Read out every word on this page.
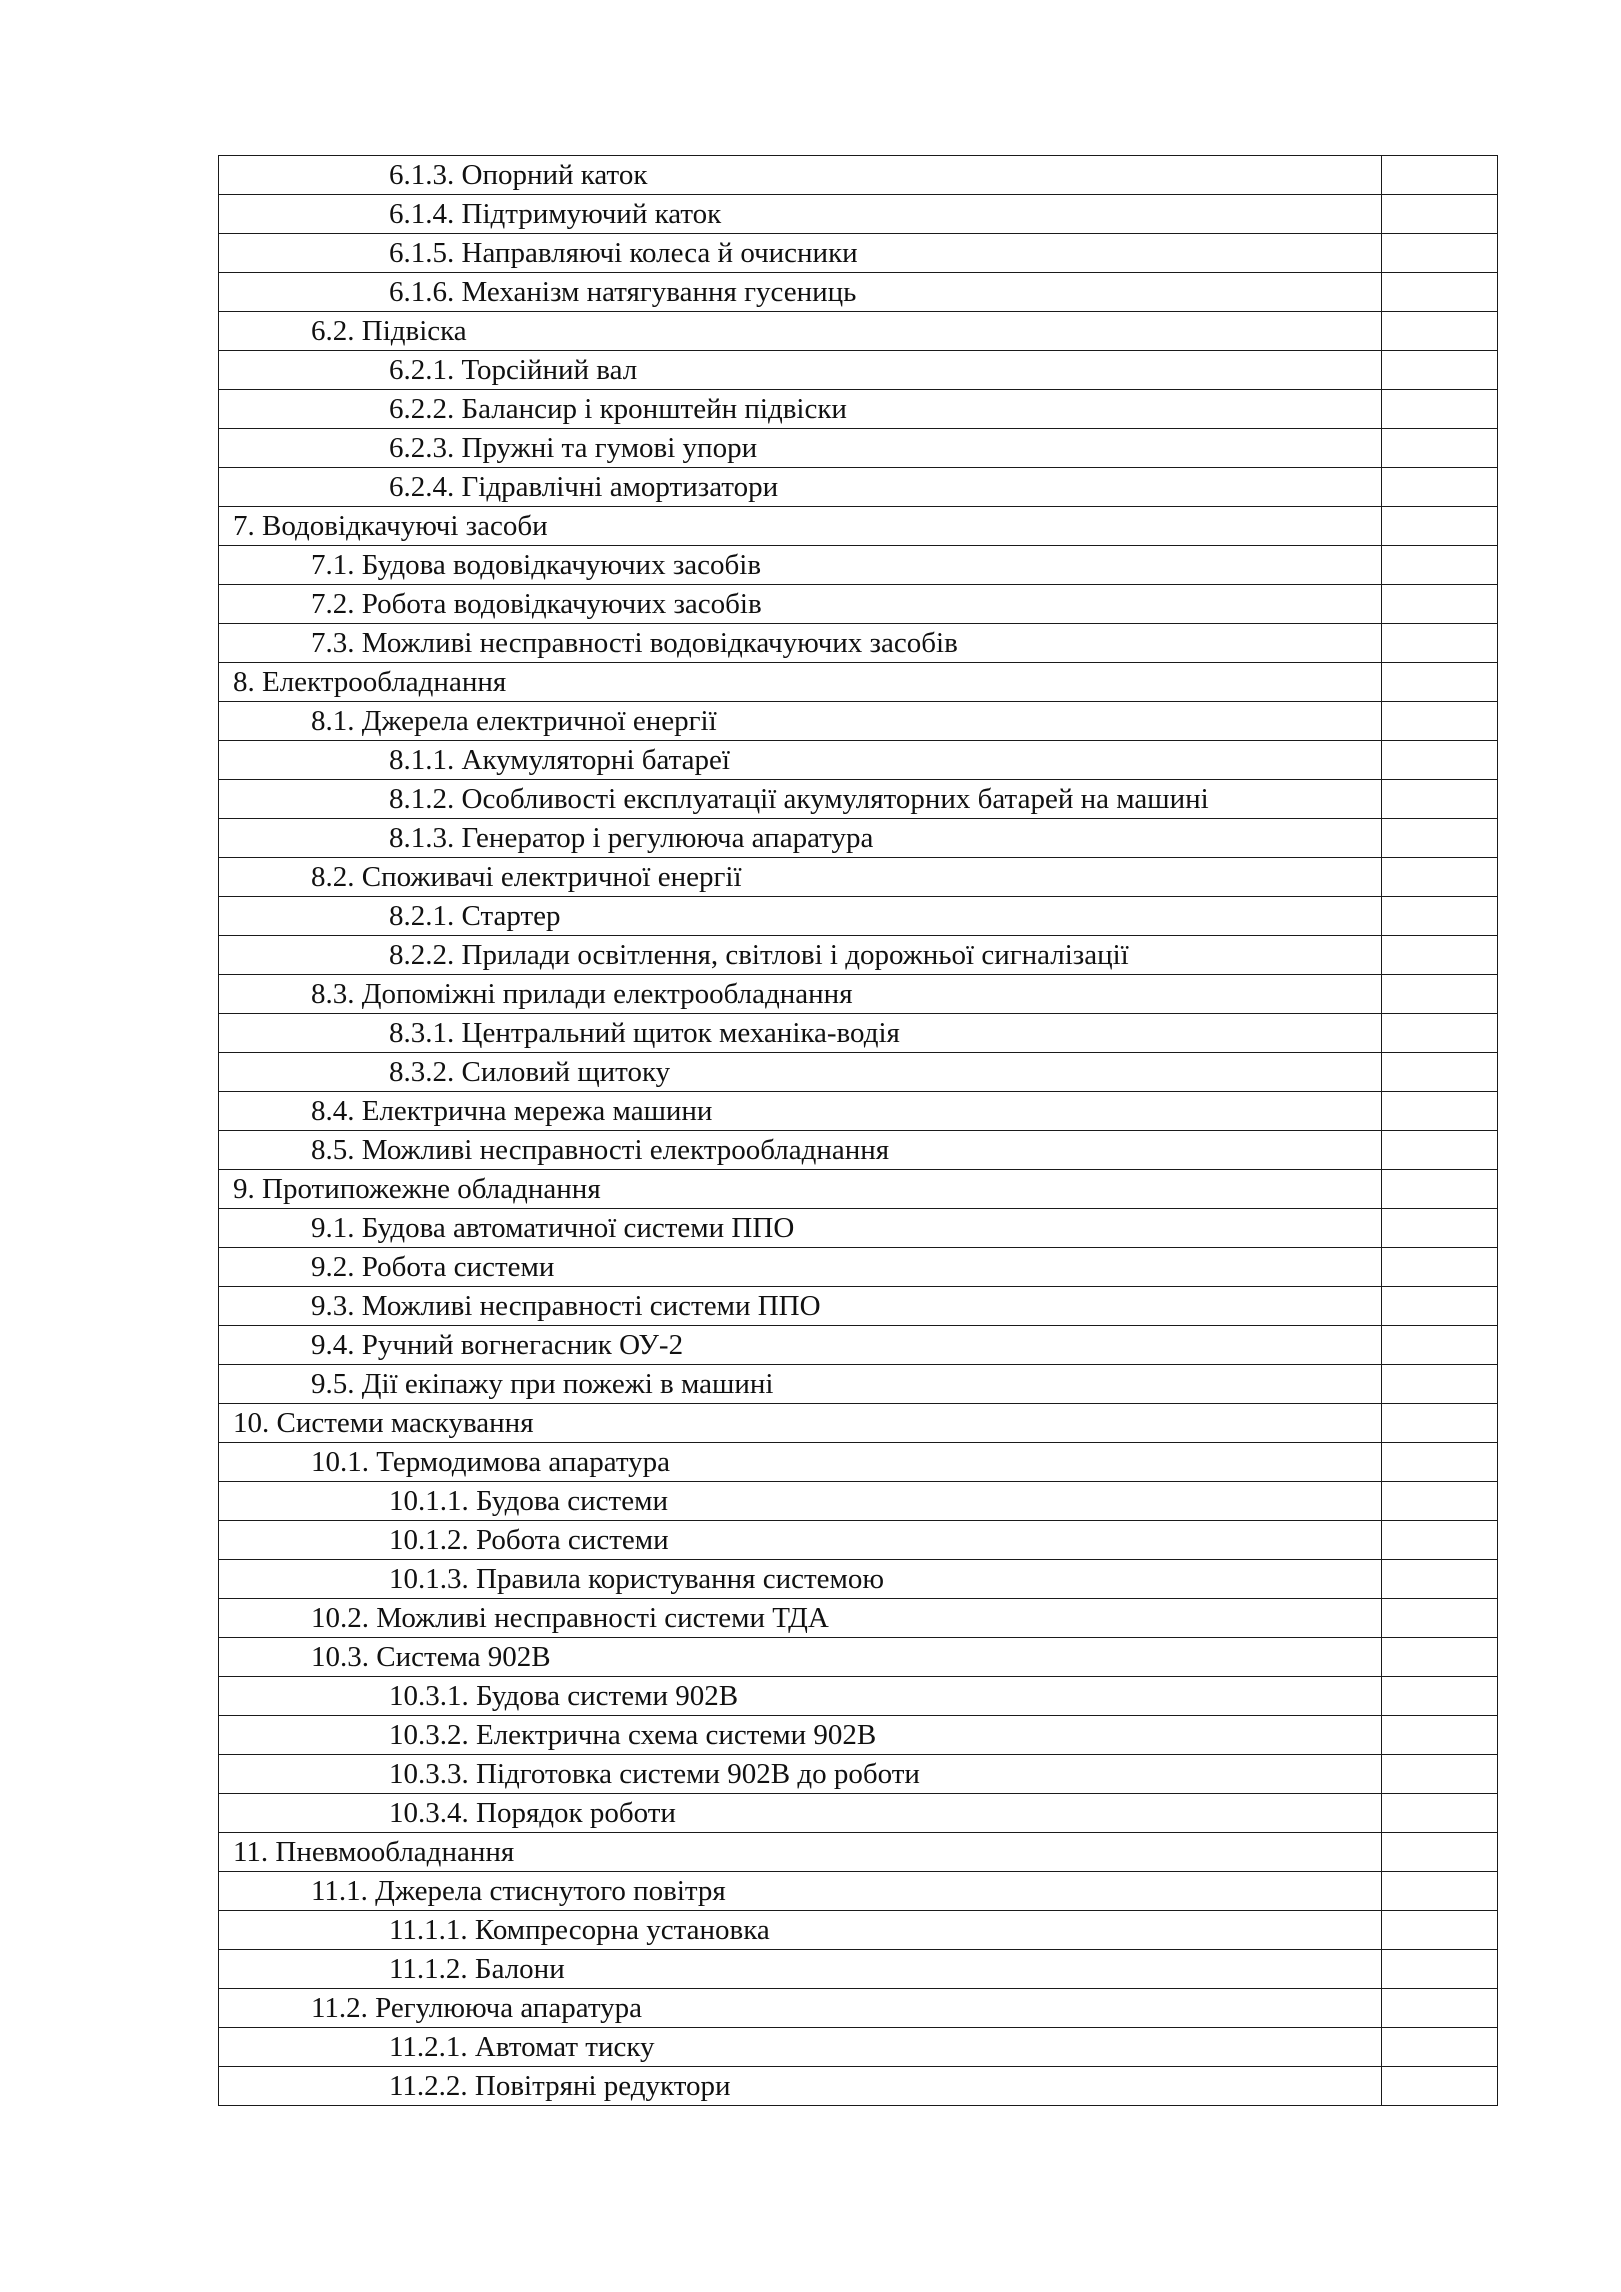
6.1.3. Опорний каток	
6.1.4. Підтримуючий каток	
6.1.5. Направляючі колеса й очисники	
6.1.6. Механізм натягування гусениць	
6.2. Підвіска	
6.2.1. Торсійний вал	
6.2.2. Балансир і кронштейн підвіски	
6.2.3. Пружні та гумові упори	
6.2.4. Гідравлічні амортизатори	
7. Водовідкачуючі засоби	
7.1. Будова водовідкачуючих засобів	
7.2. Робота водовідкачуючих засобів	
7.3. Можливі несправності водовідкачуючих засобів	
8. Електрообладнання	
8.1. Джерела електричної енергії	
8.1.1. Акумуляторні батареї	
8.1.2. Особливості експлуатації акумуляторних батарей на машині	
8.1.3. Генератор і регулююча апаратура	
8.2. Споживачі електричної енергії	
8.2.1. Стартер	
8.2.2. Прилади освітлення, світлові і дорожньої сигналізації	
8.3. Допоміжні прилади електрообладнання	
8.3.1. Центральний щиток механіка-водія	
8.3.2. Силовий щитоку	
8.4. Електрична мережа машини	
8.5. Можливі несправності електрообладнання	
9. Протипожежне обладнання	
9.1. Будова автоматичної системи ППО	
9.2. Робота системи	
9.3. Можливі несправності системи ППО	
9.4. Ручний вогнегасник ОУ-2	
9.5. Дії екіпажу при пожежі в машині	
10. Системи маскування	
10.1. Термодимова апаратура	
10.1.1. Будова системи	
10.1.2. Робота системи	
10.1.3. Правила користування системою	
10.2. Можливі несправності системи ТДА	
10.3. Система 902В	
10.3.1. Будова системи 902В	
10.3.2. Електрична схема системи 902В	
10.3.3. Підготовка системи 902В до роботи	
10.3.4. Порядок роботи	
11. Пневмообладнання	
11.1. Джерела стиснутого повітря	
11.1.1. Компресорна установка	
11.1.2. Балони	
11.2. Регулююча апаратура	
11.2.1. Автомат тиску	
11.2.2. Повітряні редуктори	
